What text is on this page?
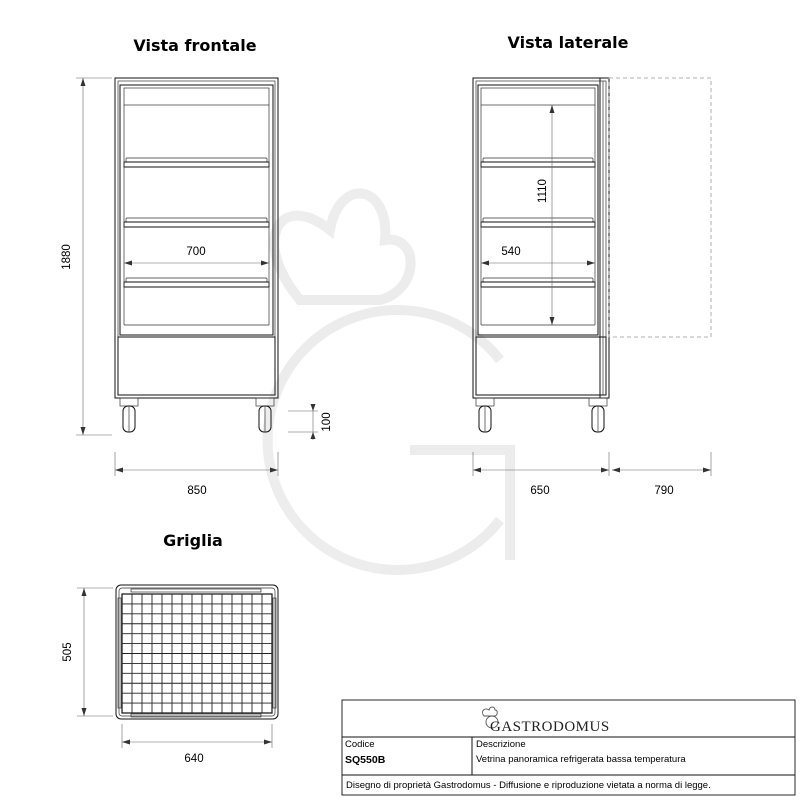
Vista frontale	Vista laterale
Griglia
1880	700
850
100
1110
540
650	790
505
640
GASTRODOMUS
Codice
SQ550B
Descrizione
Vetrina panoramica refrigerata bassa temperatura
Disegno di proprietà Gastrodomus - Diffusione e riproduzione vietata a norma di legge.
